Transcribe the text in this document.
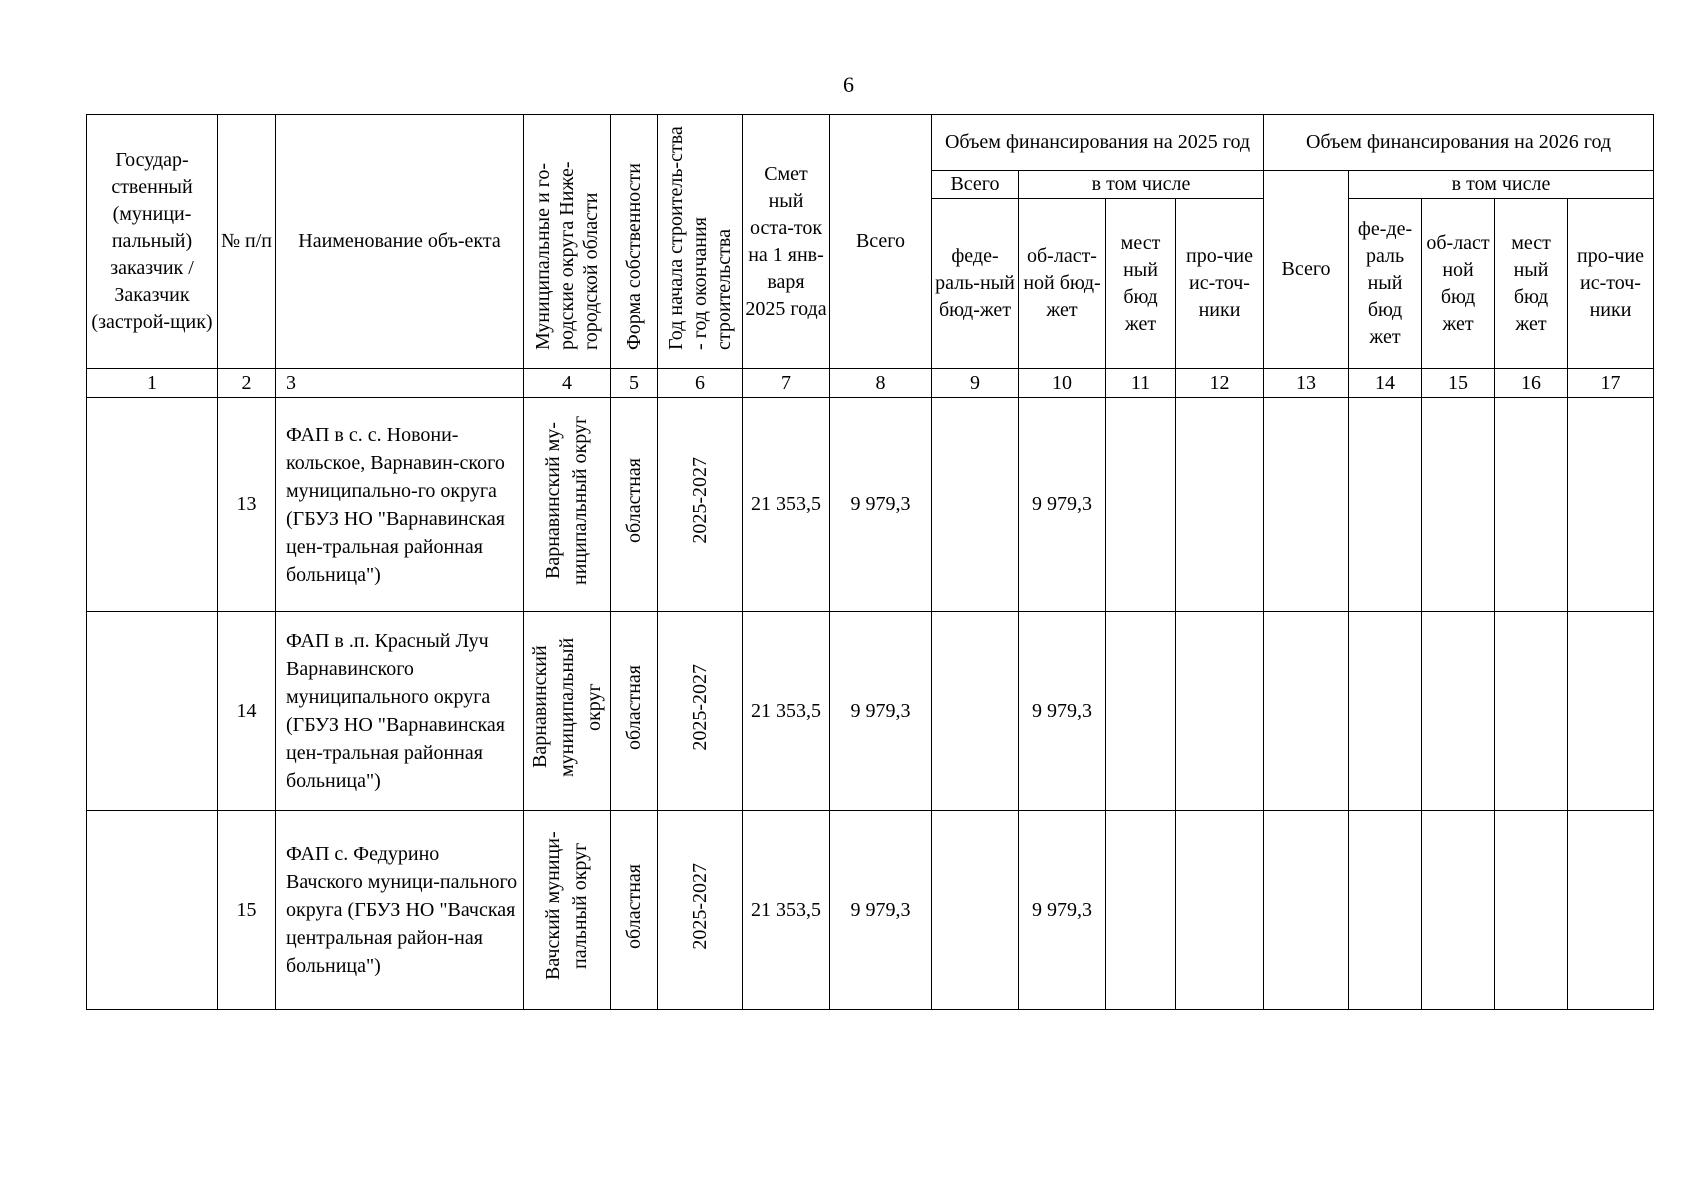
6
Государ-ственный (муници-пальный) заказчик / Заказчик (застрой-щик)	№ п/п	Наименование объ-екта	Муниципальные и го-родские округа Ниже-городской области	Форма собственности	Год начала строитель-ства - год окончания строительства	Смет ный оста-ток на 1 янв-варя 2025 года	Всего	Объем финансирования на 2025 год				Объем финансирования на 2026 год				
								Всего	в том числе			Всего	в том числе			
								феде-раль-ный бюд-жет	об-ласт-ной бюд-жет	мест ный бюд жет	про-чие ис-точ-ники		фе-де-раль ный бюд жет	об-ласт ной бюд жет	мест ный бюд жет	про-чие ис-точ-ники
1	2	3	4	5	6	7	8	9	10	11	12	13	14	15	16	17
	13	ФАП в с. с. Новони-кольское, Варнавин-ского муниципально-го округа (ГБУЗ НО "Варнавинская цен-тральная районная больница")	Варнавинский му-ниципальный округ	областная	2025-2027	21 353,5	9 979,3		9 979,3							
	14	ФАП в .п. Красный Луч Варнавинского муниципального округа (ГБУЗ НО "Варнавинская цен-тральная районная больница")	Варнавинский муниципальный округ	областная	2025-2027	21 353,5	9 979,3		9 979,3							
	15	ФАП с. Федурино Вачского муници-пального округа (ГБУЗ НО "Вачская центральная район-ная больница")	Вачский муници-пальный округ	областная	2025-2027	21 353,5	9 979,3		9 979,3							
